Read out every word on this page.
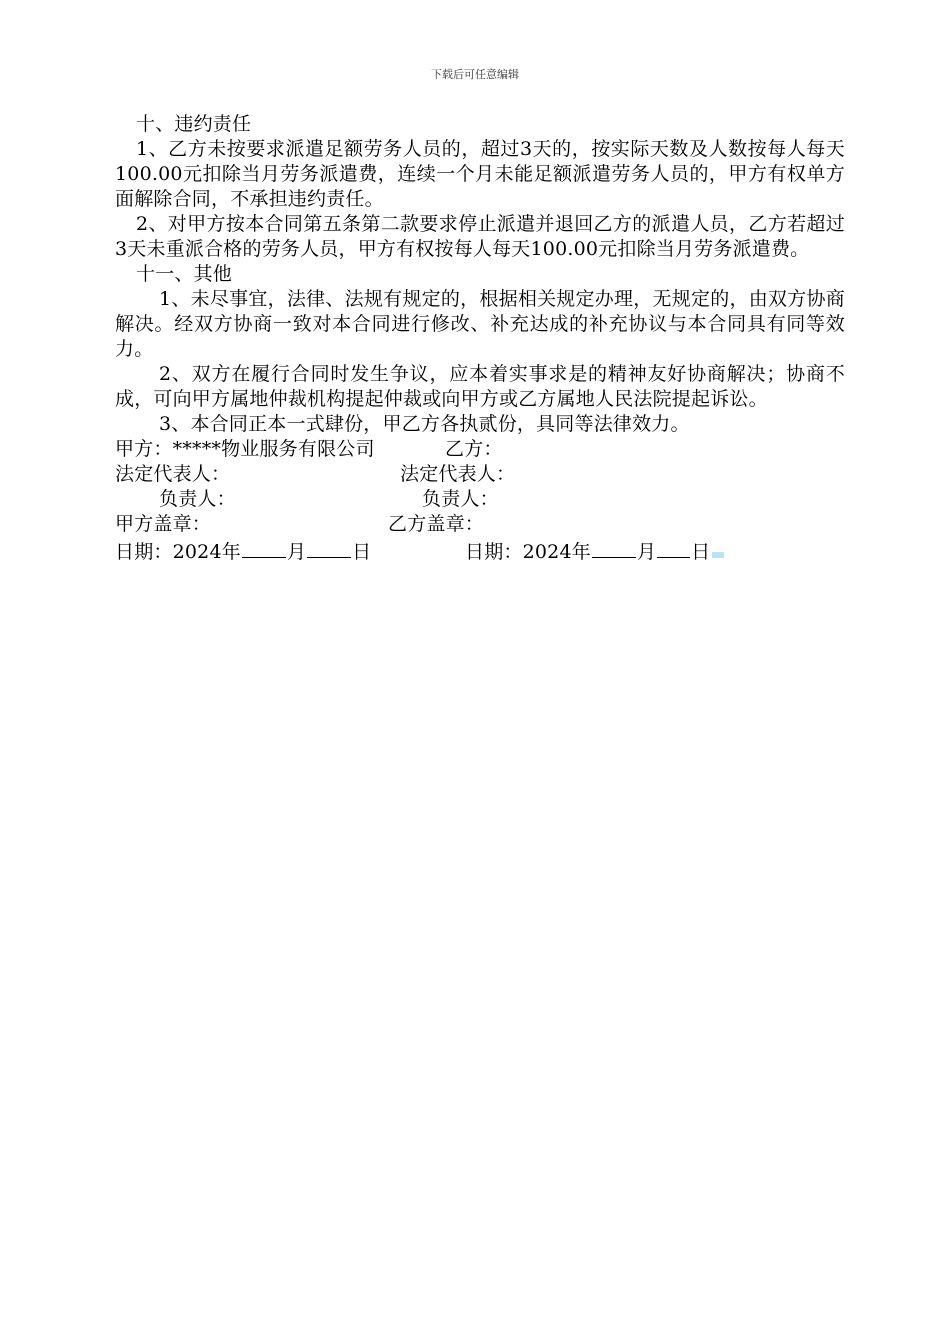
下载后可任意编辑

十、违约责任

1、乙方未按要求派遣足额劳务人员的，超过3天的，按实际天数及人数按每人每天100.00元扣除当月劳务派遣费，连续一个月未能足额派遣劳务人员的，甲方有权单方面解除合同，不承担违约责任。

2、对甲方按本合同第五条第二款要求停止派遣并退回乙方的派遣人员，乙方若超过3天未重派合格的劳务人员，甲方有权按每人每天100.00元扣除当月劳务派遣费。

十一、其他

1、未尽事宜，法律、法规有规定的，根据相关规定办理，无规定的，由双方协商解决。经双方协商一致对本合同进行修改、补充达成的补充协议与本合同具有同等效力。

2、双方在履行合同时发生争议，应本着实事求是的精神友好协商解决；协商不成，可向甲方属地仲裁机构提起仲裁或向甲方或乙方属地人民法院提起诉讼。

3、本合同正本一式肆份，甲乙方各执贰份，具同等法律效力。

甲方：*****物业服务有限公司	乙方：
法定代表人：	法定代表人：
负责人：	负责人：
甲方盖章：	乙方盖章：
日期：2024年 月 日	日期：2024年 月 日
